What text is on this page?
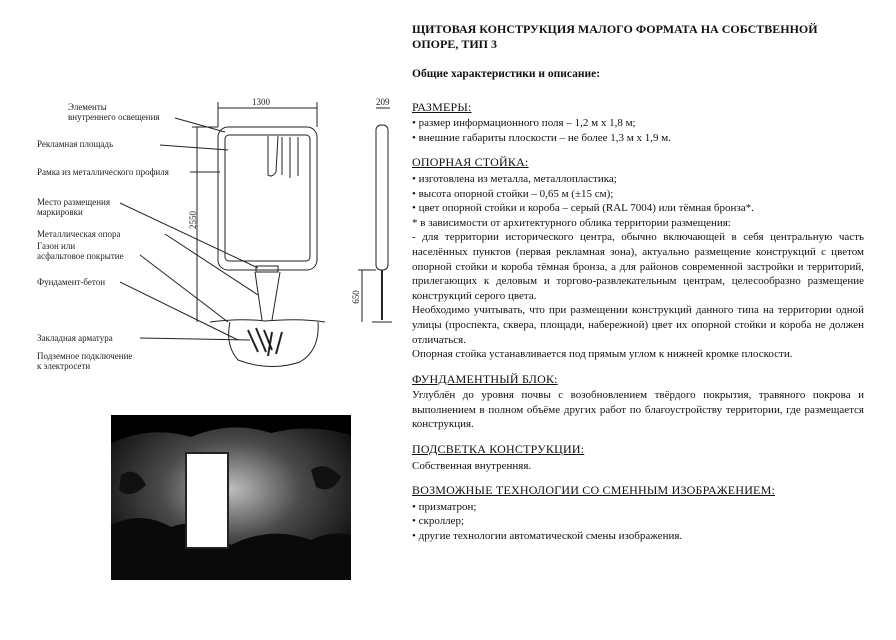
1300
2550
209
650
Элементы
внутреннего освещения
Рекламная площадь
Рамка из металлического профиля
Место размещения
маркировки
Металлическая опора
Газон или
асфальтовое покрытие
Фундамент-бетон
Закладная арматура
Подземное подключение
к электросети
ЩИТОВАЯ КОНСТРУКЦИЯ МАЛОГО ФОРМАТА НА СОБСТВЕННОЙ
ОПОРЕ, ТИП 3
Общие характеристики и описание:
РАЗМЕРЫ:
• размер информационного поля – 1,2 м х 1,8 м;
• внешние габариты плоскости – не более 1,3 м х 1,9 м.
ОПОРНАЯ СТОЙКА:
• изготовлена из металла, металлопластика;
• высота опорной стойки – 0,65 м (±15 см);
• цвет опорной стойки и короба – серый (RAL 7004) или тёмная бронза*.

* в зависимости от архитектурного облика территории размещения:

- для территории исторического центра, обычно включающей в себя центральную часть населённых пунктов (первая рекламная зона), актуально размещение конструкций с цветом опорной стойки и короба тёмная бронза, а для районов современной застройки и территорий, прилегающих к деловым и торгово-развлекательным центрам, целесообразно размещение конструкций серого цвета.

Необходимо учитывать, что при размещении конструкций данного типа на территории одной улицы (проспекта, сквера, площади, набережной) цвет их опорной стойки и короба не должен отличаться.

Опорная стойка устанавливается под прямым углом к нижней кромке плоскости.

ФУНДАМЕНТНЫЙ БЛОК:

Углублён до уровня почвы с возобновлением твёрдого покрытия, травяного покрова и выполнением в полном объёме других работ по благоустройству территории, где размещается конструкция.

ПОДСВЕТКА КОНСТРУКЦИИ:

Собственная внутренняя.

ВОЗМОЖНЫЕ ТЕХНОЛОГИИ СО СМЕННЫМ ИЗОБРАЖЕНИЕМ:
• призматрон;
• скроллер;
• другие технологии автоматической смены изображения.
